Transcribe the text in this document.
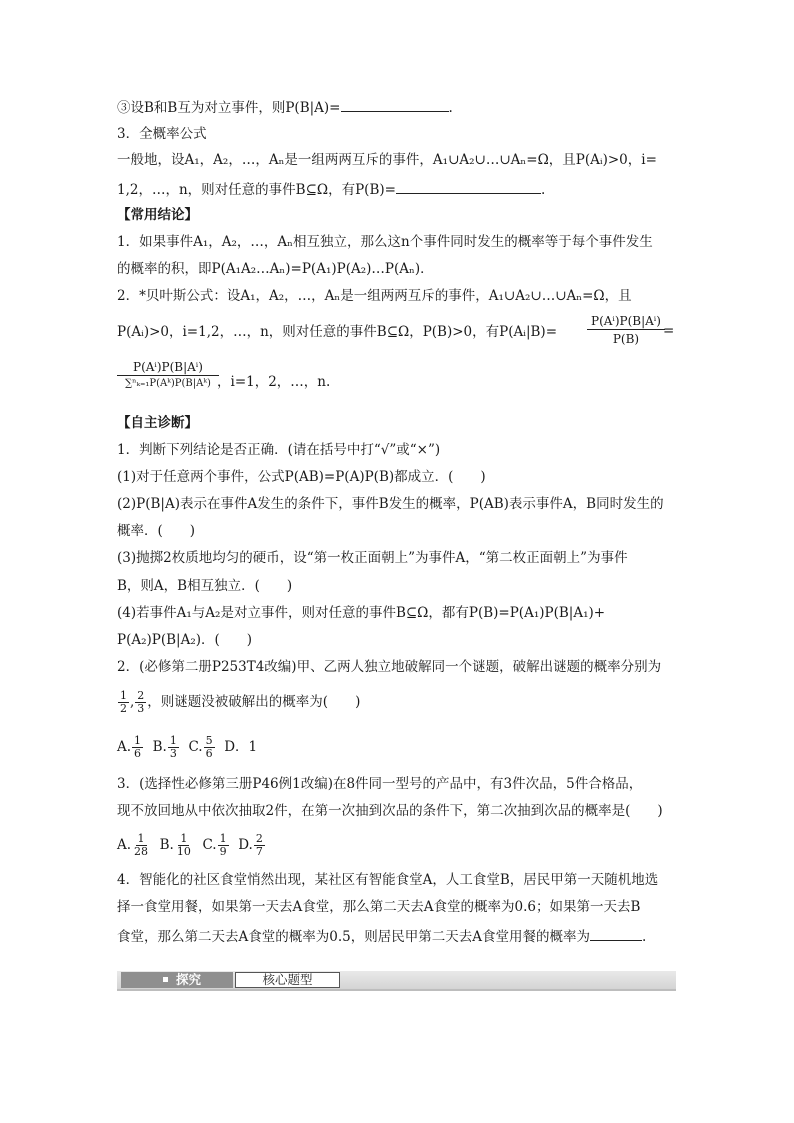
③设B和B互为对立事件，则P(B|A)=	.
3．全概率公式
一般地，设A₁，A₂，…，Aₙ是一组两两互斥的事件，A₁∪A₂∪…∪Aₙ=Ω，且P(Aᵢ)>0，i=
1,2，…，n，则对任意的事件B⊆Ω，有P(B)=	.
【常用结论】
1．如果事件A₁，A₂，…，Aₙ相互独立，那么这n个事件同时发生的概率等于每个事件发生
的概率的积，即P(A₁A₂…Aₙ)=P(A₁)P(A₂)…P(Aₙ)．
2．*贝叶斯公式：设A₁，A₂，…，Aₙ是一组两两互斥的事件，A₁∪A₂∪…∪Aₙ=Ω，且
P(Aᵢ)>0，i=1,2，…，n，则对任意的事件B⊆Ω，P(B)>0，有P(Aᵢ|B)= $\frac{\text{P(Aⁱ)P(B|Aⁱ)}}{P(B)}$
=
P(Aⁱ)P(B|Aⁱ)
∑ⁿₖ₌₁P(Aᵏ)P(B|Aᵏ) ，i=1，2，…，n.
【自主诊断】
1．判断下列结论是否正确．(请在括号中打“√”或“×”)
(1)对于任意两个事件，公式P(AB)=P(A)P(B)都成立．(　　)
(2)P(B|A)表示在事件A发生的条件下，事件B发生的概率，P(AB)表示事件A，B同时发生的
概率．(　　)
(3)抛掷2枚质地均匀的硬币，设“第一枚正面朝上”为事件A，“第二枚正面朝上”为事件
B，则A，B相互独立．(　　)
(4)若事件A₁与A₂是对立事件，则对任意的事件B⊆Ω，都有P(B)=P(A₁)P(B|A₁)+
P(A₂)P(B|A₂)．(　　)
2．(必修第二册P253T4改编)甲、乙两人独立地破解同一个谜题，破解出谜题的概率分别为
$\frac{1}{2}$ , $\frac{2}{3}$ ，则谜题没被破解出的概率为(　　)
A. $\frac{1}{6} B$. $\frac{1}{3} C$. $\frac{5}{6}$ D．1
3．(选择性必修第三册P46例1改编)在8件同一型号的产品中，有3件次品，5件合格品，
现不放回地从中依次抽取2件，在第一次抽到次品的条件下，第二次抽到次品的概率是(　　)
A. $\frac{1}{28} B$. $\frac{1}{10} C$. $\frac{1}{9} D$. $\frac{2}{7}$
4．智能化的社区食堂悄然出现，某社区有智能食堂A，人工食堂B，居民甲第一天随机地选
择一食堂用餐，如果第一天去A食堂，那么第二天去A食堂的概率为0.6；如果第一天去B
食堂，那么第二天去A食堂的概率为0.5，则居民甲第二天去A食堂用餐的概率为	.
探究	核心题型
